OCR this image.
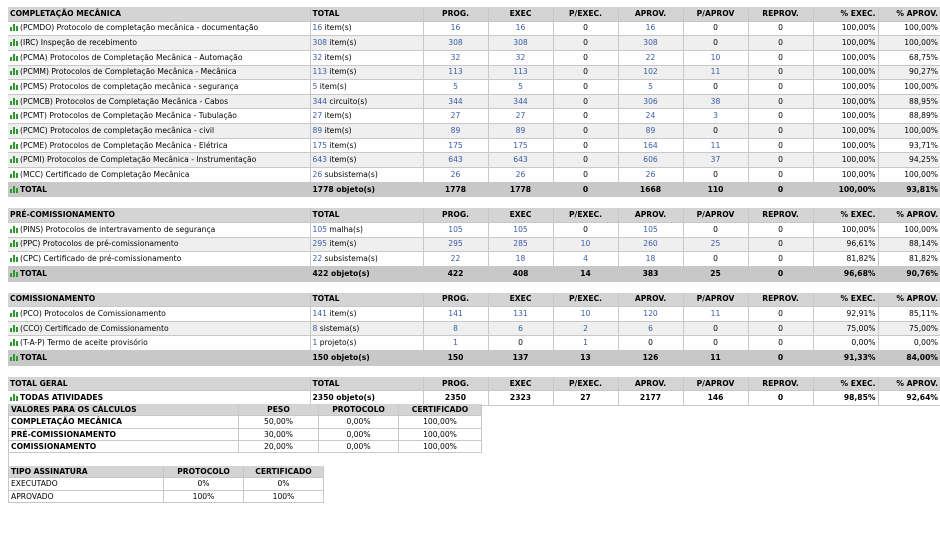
COMPLETAÇÃO MECÂNICA	TOTAL	PROG.	EXEC	P/EXEC.	APROV.	P/APROV	REPROV.	% EXEC.	% APROV.

(PCMDO) Protocolo de completação mecânica - documentação	16 item(s)	16	16	0	16	0	0	100,00%	100,00%

(IRC) Inspeção de recebimento	308 item(s)	308	308	0	308	0	0	100,00%	100,00%

(PCMA) Protocolos de Completação Mecânica - Automação	32 item(s)	32	32	0	22	10	0	100,00%	68,75%

(PCMM) Protocolos de Completação Mecânica - Mecânica	113 item(s)	113	113	0	102	11	0	100,00%	90,27%

(PCMS) Protocolos de completação mecânica - segurança	5 item(s)	5	5	0	5	0	0	100,00%	100,00%

(PCMCB) Protocolos de Completação Mecânica - Cabos	344 circuito(s)	344	344	0	306	38	0	100,00%	88,95%

(PCMT) Protocolos de Completação Mecânica - Tubulação	27 item(s)	27	27	0	24	3	0	100,00%	88,89%

(PCMC) Protocolos de completação mecânica - civil	89 item(s)	89	89	0	89	0	0	100,00%	100,00%

(PCME) Protocolos de Completação Mecânica - Elétrica	175 item(s)	175	175	0	164	11	0	100,00%	93,71%

(PCMI) Protocolos de Completação Mecânica - Instrumentação	643 item(s)	643	643	0	606	37	0	100,00%	94,25%

(MCC) Certificado de Completação Mecânica	26 subsistema(s)	26	26	0	26	0	0	100,00%	100,00%

TOTAL	1778 objeto(s)	1778	1778	0	1668	110	0	100,00%	93,81%

PRÉ-COMISSIONAMENTO	TOTAL	PROG.	EXEC	P/EXEC.	APROV.	P/APROV	REPROV.	% EXEC.	% APROV.

(PINS) Protocolos de intertravamento de segurança	105 malha(s)	105	105	0	105	0	0	100,00%	100,00%

(PPC) Protocolos de pré-comissionamento	295 item(s)	295	285	10	260	25	0	96,61%	88,14%

(CPC) Certificado de pré-comissionamento	22 subsistema(s)	22	18	4	18	0	0	81,82%	81,82%

TOTAL	422 objeto(s)	422	408	14	383	25	0	96,68%	90,76%

COMISSIONAMENTO	TOTAL	PROG.	EXEC	P/EXEC.	APROV.	P/APROV	REPROV.	% EXEC.	% APROV.

(PCO) Protocolos de Comissionamento	141 item(s)	141	131	10	120	11	0	92,91%	85,11%

(CCO) Certificado de Comissionamento	8 sistema(s)	8	6	2	6	0	0	75,00%	75,00%

(T-A-P) Termo de aceite provisório	1 projeto(s)	1	0	1	0	0	0	0,00%	0,00%

TOTAL	150 objeto(s)	150	137	13	126	11	0	91,33%	84,00%

TOTAL GERAL	TOTAL	PROG.	EXEC	P/EXEC.	APROV.	P/APROV	REPROV.	% EXEC.	% APROV.

TODAS ATIVIDADES	2350 objeto(s)	2350	2323	27	2177	146	0	98,85%	92,64%
VALORES PARA OS CÁLCULOS	PESO	PROTOCOLO	CERTIFICADO
COMPLETAÇÃO MECÂNICA	50,00%	0,00%	100,00%
PRÉ-COMISSIONAMENTO	30,00%	0,00%	100,00%
COMISSIONAMENTO	20,00%	0,00%	100,00%
TIPO ASSINATURA	PROTOCOLO	CERTIFICADO
EXECUTADO	0%	0%
APROVADO	100%	100%
